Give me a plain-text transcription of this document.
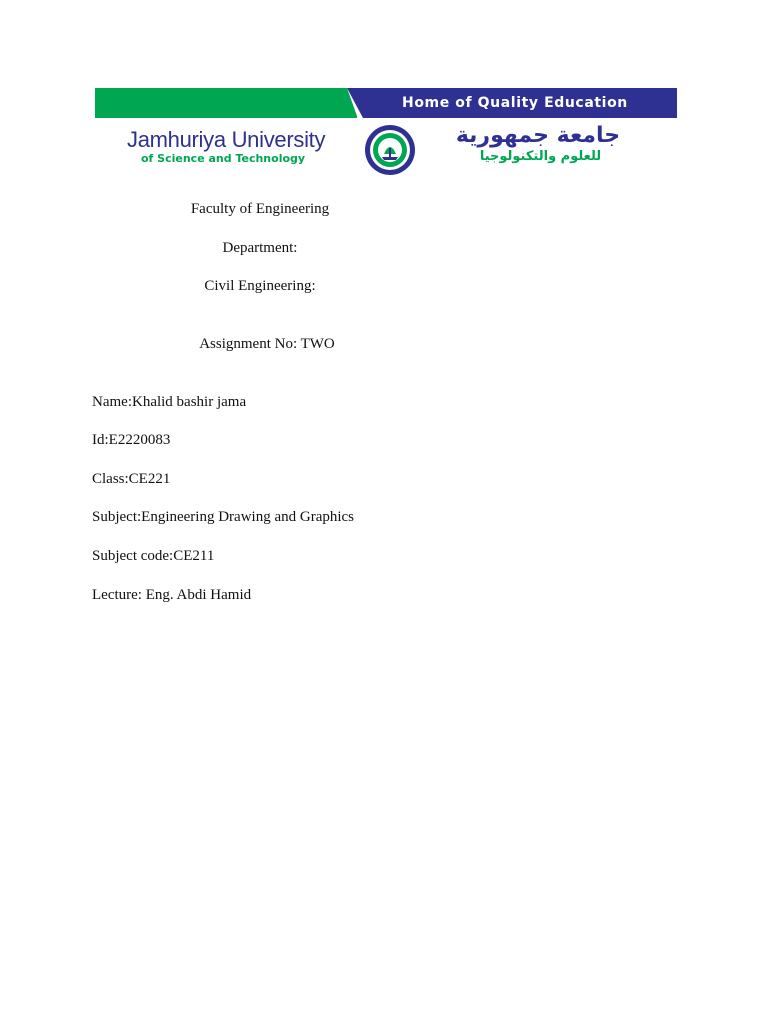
Home of Quality Education
Jamhuriya University
of Science and Technology
جامعة جمهورية
للعلوم والتكنولوجيا
Faculty of Engineering
Department:
Civil Engineering:
Assignment No: TWO
Name:Khalid bashir jama
Id:E2220083
Class:CE221
Subject:Engineering Drawing and Graphics
Subject code:CE211
Lecture: Eng. Abdi Hamid
